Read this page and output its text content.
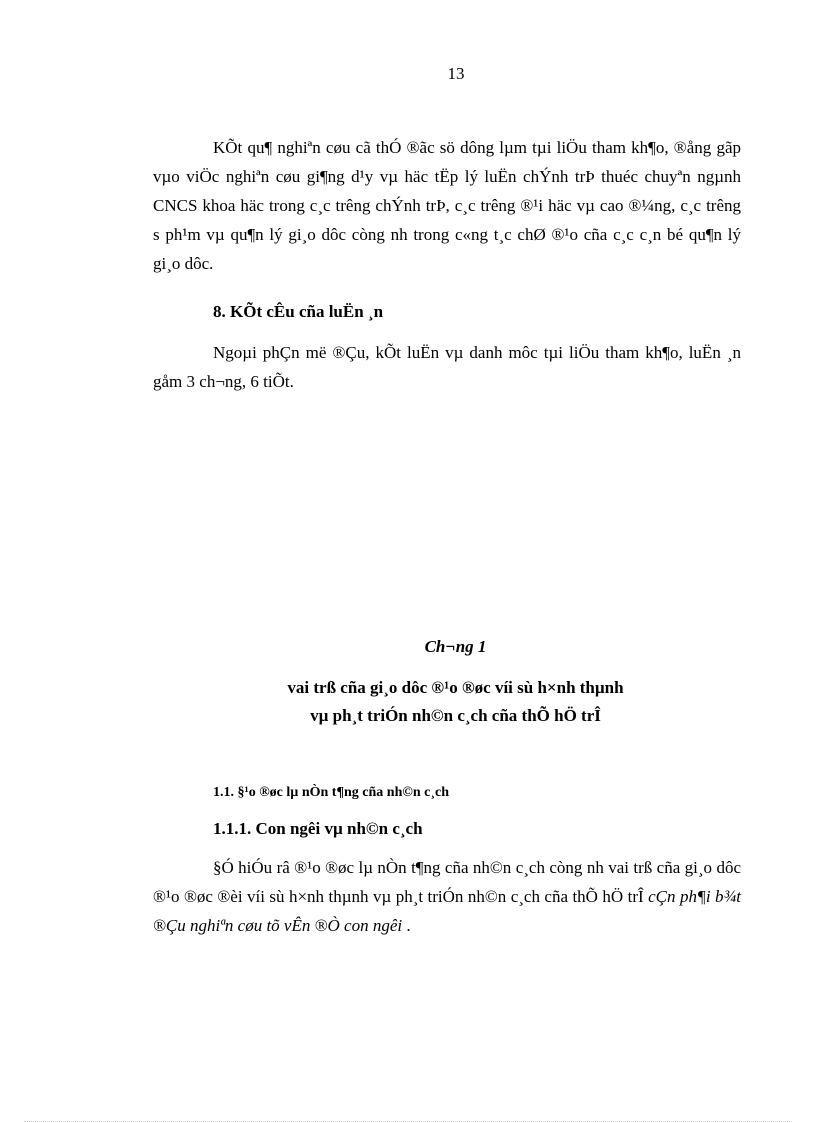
13

KÕt qu¶ nghiªn cøu cã thÓ ®ãc sö dông lµm tµi liÖu tham kh¶o, ®ång gãp vµo viÖc nghiªn cøu gi¶ng d¹y vµ häc tËp lý luËn chÝnh trÞ thuéc chuyªn ngµnh CNCS khoa häc trong c¸c trêng chÝnh trÞ, c¸c trêng ®¹i häc vµ cao ®¼ng, c¸c trêng s ph¹m vµ qu¶n lý gi¸o dôc còng nh trong c«ng t¸c chØ ®¹o cña c¸c c¸n bé qu¶n lý gi¸o dôc.

8. KÕt cÊu cña luËn ¸n

Ngoµi phÇn më ®Çu, kÕt luËn vµ danh môc tµi liÖu tham kh¶o, luËn ¸n gåm 3 ch¬ng, 6 tiÕt.

Ch¬ng 1
vai trß cña gi¸o dôc ®¹o ®øc víi sù h×nh thµnh
vµ ph¸t triÓn nh©n c¸ch cña thÕ hÖ trÎ

1.1. §¹o ®øc lµ nÒn t¶ng cña nh©n c¸ch

1.1.1. Con ngêi vµ nh©n c¸ch

§Ó hiÓu râ ®¹o ®øc lµ nÒn t¶ng cña nh©n c¸ch còng nh vai trß cña gi¸o dôc ®¹o ®øc ®èi víi sù h×nh thµnh vµ ph¸t triÓn nh©n c¸ch cña thÕ hÖ trÎ cÇn ph¶i b¾t ®Çu nghiªn cøu tõ vÊn ®Ò con ngêi .
